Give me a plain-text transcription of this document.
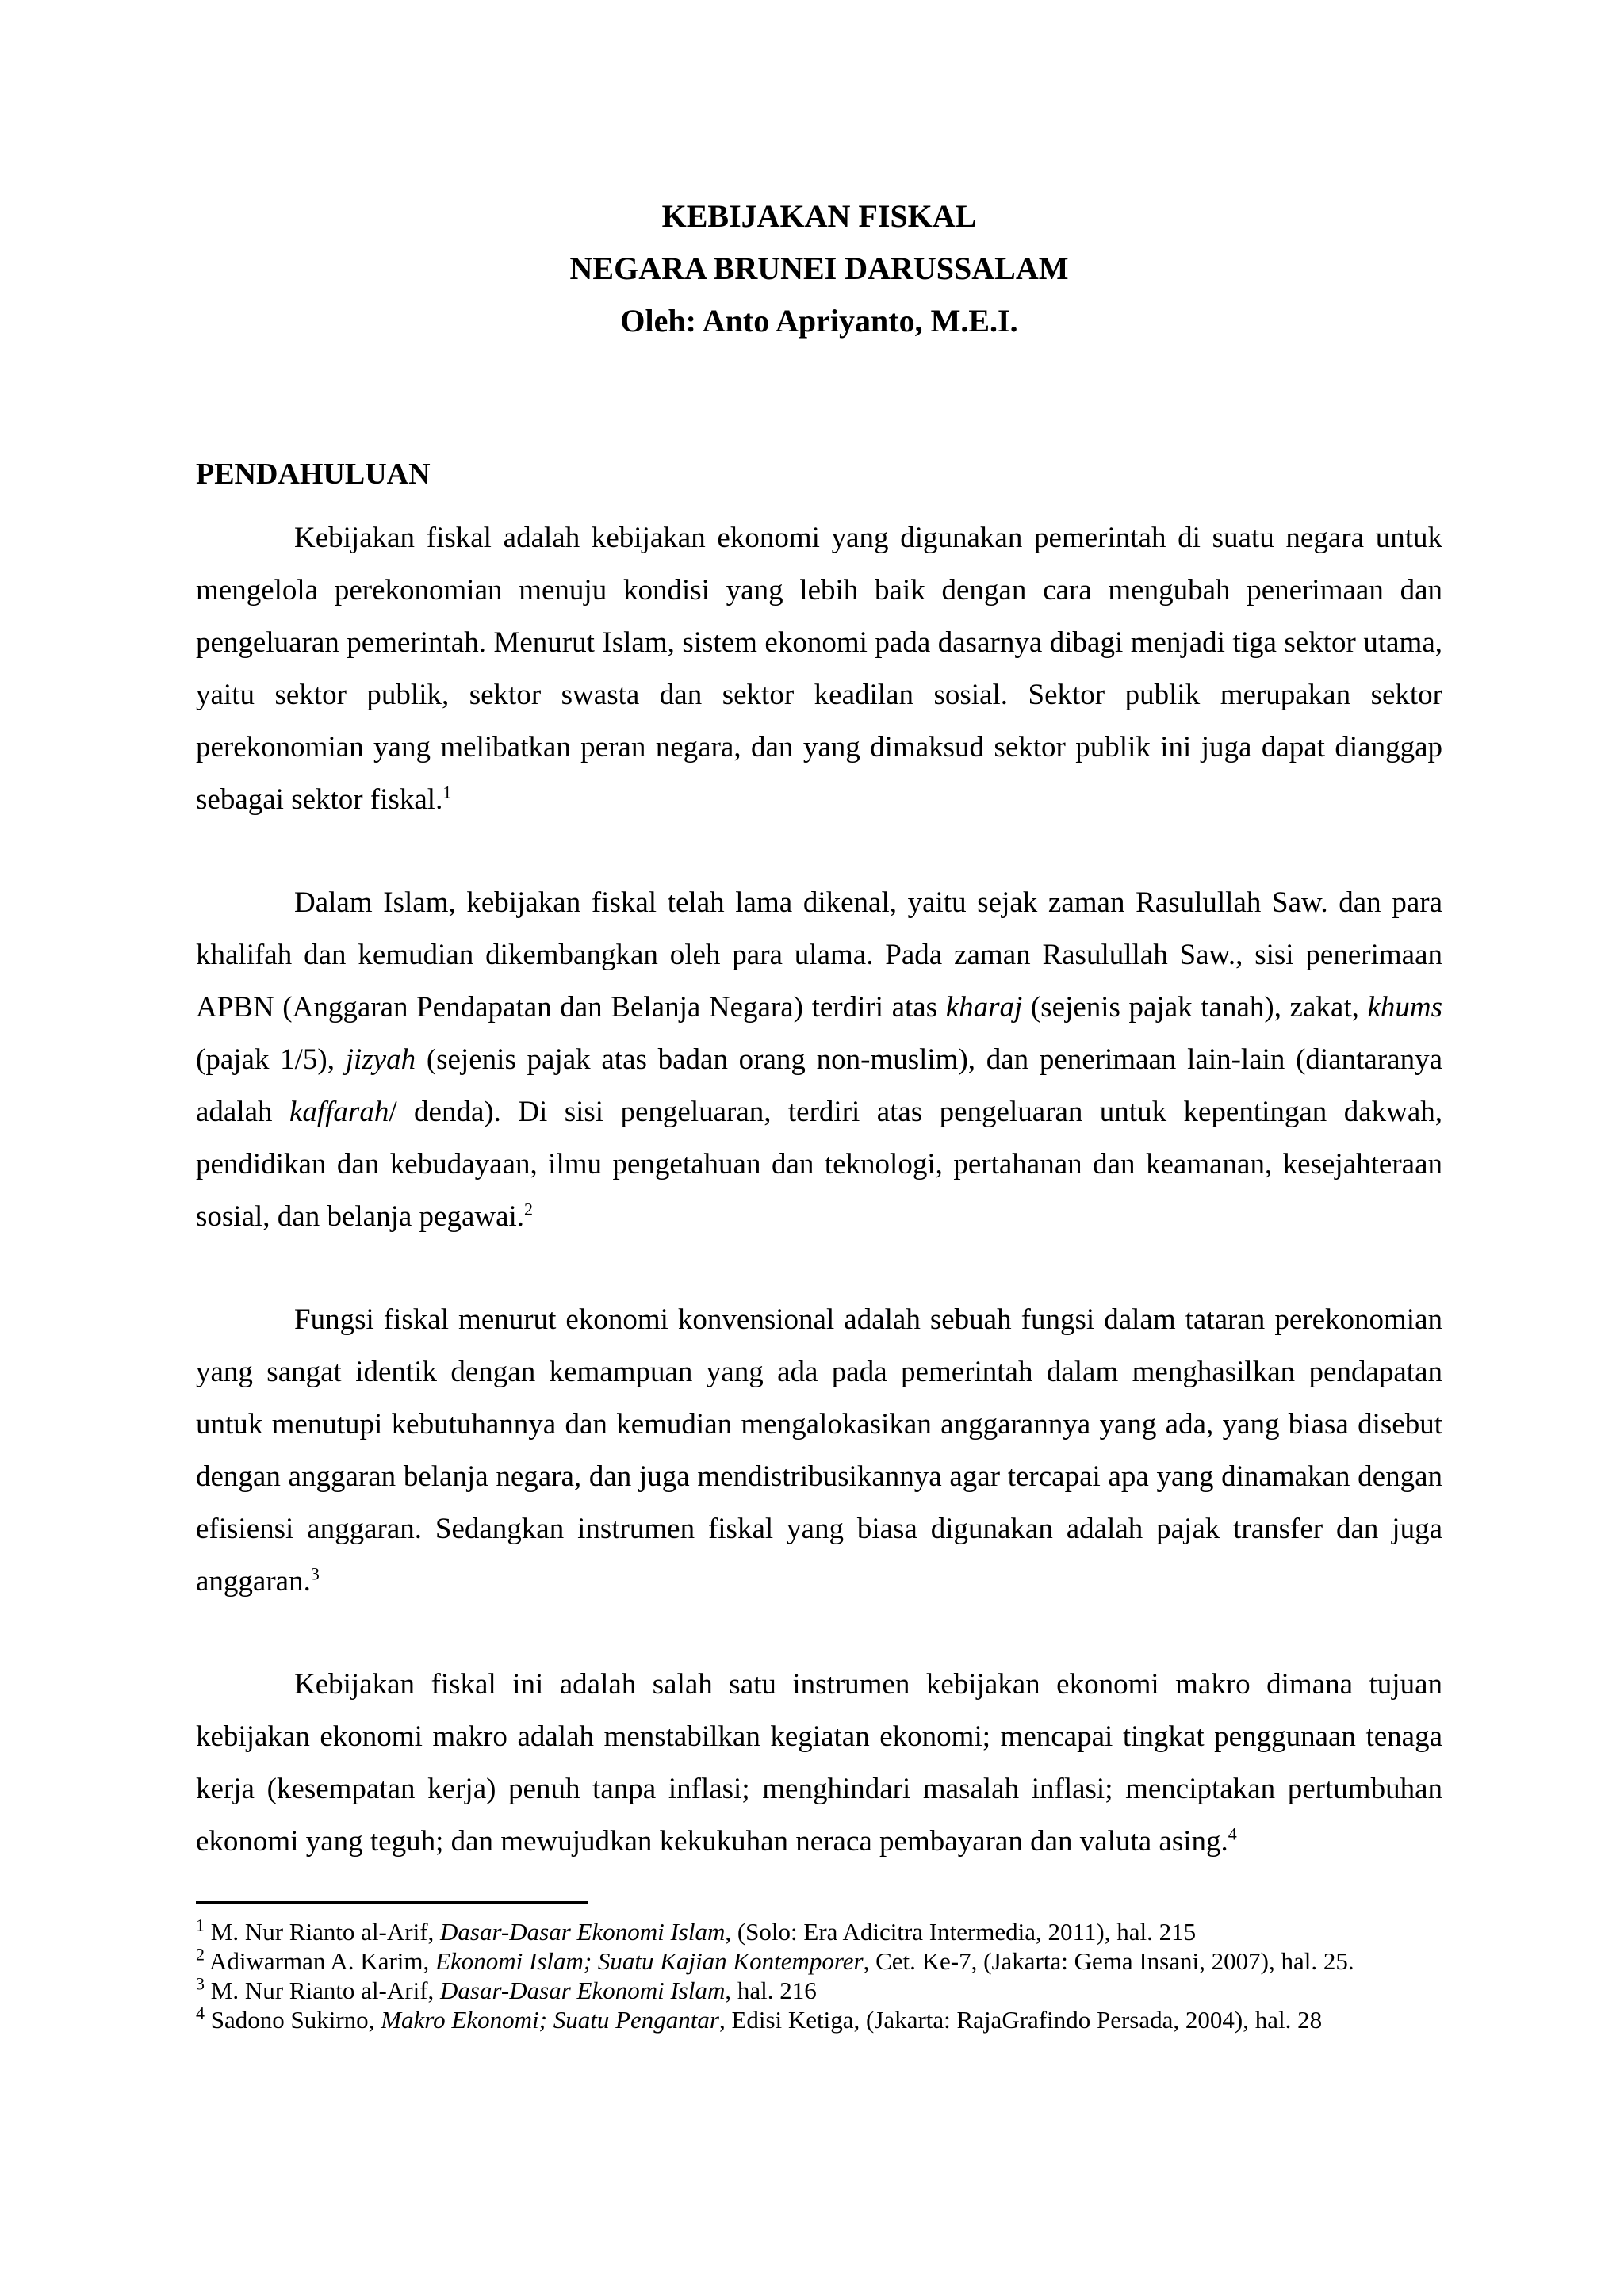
KEBIJAKAN FISKAL
NEGARA BRUNEI DARUSSALAM
Oleh: Anto Apriyanto, M.E.I.
PENDAHULUAN

Kebijakan fiskal adalah kebijakan ekonomi yang digunakan pemerintah di suatu negara untuk mengelola perekonomian menuju kondisi yang lebih baik dengan cara mengubah penerimaan dan pengeluaran pemerintah. Menurut Islam, sistem ekonomi pada dasarnya dibagi menjadi tiga sektor utama, yaitu sektor publik, sektor swasta dan sektor keadilan sosial. Sektor publik merupakan sektor perekonomian yang melibatkan peran negara, dan yang dimaksud sektor publik ini juga dapat dianggap sebagai sektor fiskal.$^1$

Dalam Islam, kebijakan fiskal telah lama dikenal, yaitu sejak zaman Rasulullah Saw. dan para khalifah dan kemudian dikembangkan oleh para ulama. Pada zaman Rasulullah Saw., sisi penerimaan APBN (Anggaran Pendapatan dan Belanja Negara) terdiri atas kharaj (sejenis pajak tanah), zakat, khums (pajak 1/5), jizyah (sejenis pajak atas badan orang non-muslim), dan penerimaan lain-lain (diantaranya adalah kaffarah/ denda). Di sisi pengeluaran, terdiri atas pengeluaran untuk kepentingan dakwah, pendidikan dan kebudayaan, ilmu pengetahuan dan teknologi, pertahanan dan keamanan, kesejahteraan sosial, dan belanja pegawai.$^2$

Fungsi fiskal menurut ekonomi konvensional adalah sebuah fungsi dalam tataran perekonomian yang sangat identik dengan kemampuan yang ada pada pemerintah dalam menghasilkan pendapatan untuk menutupi kebutuhannya dan kemudian mengalokasikan anggarannya yang ada, yang biasa disebut dengan anggaran belanja negara, dan juga mendistribusikannya agar tercapai apa yang dinamakan dengan efisiensi anggaran. Sedangkan instrumen fiskal yang biasa digunakan adalah pajak transfer dan juga anggaran.$^3$

Kebijakan fiskal ini adalah salah satu instrumen kebijakan ekonomi makro dimana tujuan kebijakan ekonomi makro adalah menstabilkan kegiatan ekonomi; mencapai tingkat penggunaan tenaga kerja (kesempatan kerja) penuh tanpa inflasi; menghindari masalah inflasi; menciptakan pertumbuhan ekonomi yang teguh; dan mewujudkan kekukuhan neraca pembayaran dan valuta asing.$^4$

$^1$ M. Nur Rianto al-Arif, Dasar-Dasar Ekonomi Islam, (Solo: Era Adicitra Intermedia, 2011), hal. 215
$^2$ Adiwarman A. Karim, Ekonomi Islam; Suatu Kajian Kontemporer, Cet. Ke-7, (Jakarta: Gema Insani, 2007), hal. 25.
$^3$ M. Nur Rianto al-Arif, Dasar-Dasar Ekonomi Islam, hal. 216
$^4$ Sadono Sukirno, Makro Ekonomi; Suatu Pengantar, Edisi Ketiga, (Jakarta: RajaGrafindo Persada, 2004), hal. 28
